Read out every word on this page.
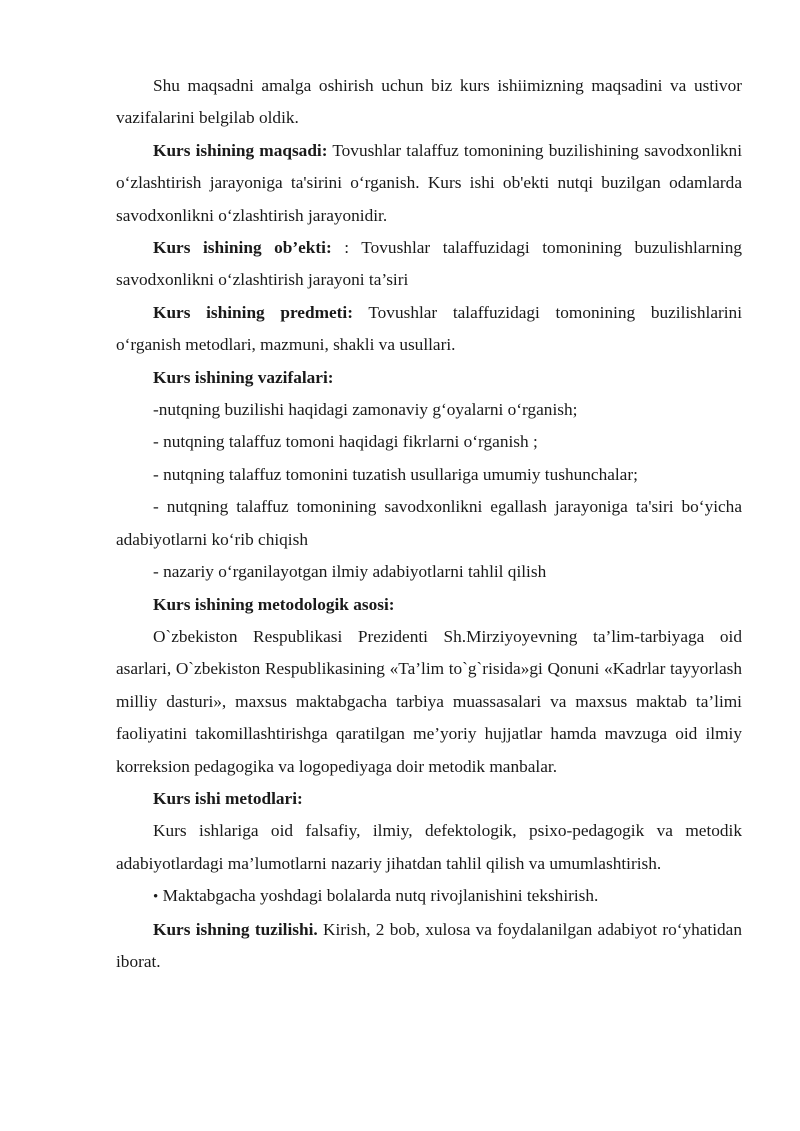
Shu maqsadni amalga oshirish uchun biz kurs ishiimizning maqsadini va ustivor vazifalarini belgilab oldik.

Kurs ishining maqsadi: Tovushlar talaffuz tomonining buzilishining savodxonlikni o‘zlashtirish jarayoniga ta'sirini o‘rganish. Kurs ishi ob'ekti nutqi buzilgan odamlarda savodxonlikni o‘zlashtirish jarayonidir.

Kurs ishining ob’ekti: : Tovushlar talaffuzidagi tomonining buzulishlarning savodxonlikni o‘zlashtirish jarayoni ta’siri

Kurs ishining predmeti: Tovushlar talaffuzidagi tomonining buzilishlarini o‘rganish metodlari, mazmuni, shakli va usullari.

Kurs ishining vazifalari:

-nutqning buzilishi haqidagi zamonaviy g‘oyalarni o‘rganish;

- nutqning talaffuz tomoni haqidagi fikrlarni o‘rganish ;

- nutqning talaffuz tomonini tuzatish usullariga umumiy tushunchalar;

- nutqning talaffuz tomonining savodxonlikni egallash jarayoniga ta'siri bo‘yicha adabiyotlarni ko‘rib chiqish

- nazariy o‘rganilayotgan ilmiy adabiyotlarni tahlil qilish

Kurs ishining metodologik asosi:

O`zbekiston Respublikasi Prezidenti Sh.Mirziyoyevning ta’lim-tarbiyaga oid asarlari, O`zbekiston Respublikasining «Ta’lim to`g`risida»gi Qonuni «Kadrlar tayyorlash milliy dasturi», maxsus maktabgacha tarbiya muassasalari va maxsus maktab ta’limi faoliyatini takomillashtirishga qaratilgan me’yoriy hujjatlar hamda mavzuga oid ilmiy korreksion pedagogika va logopediyaga doir metodik manbalar.

Kurs ishi metodlari:

Kurs ishlariga oid falsafiy, ilmiy, defektologik, psixo-pedagogik va metodik adabiyotlardagi ma’lumotlarni nazariy jihatdan tahlil qilish va umumlashtirish.

• Maktabgacha yoshdagi bolalarda nutq rivojlanishini tekshirish.

Kurs ishning tuzilishi. Kirish, 2 bob, xulosa va foydalanilgan adabiyot ro‘yhatidan iborat.
